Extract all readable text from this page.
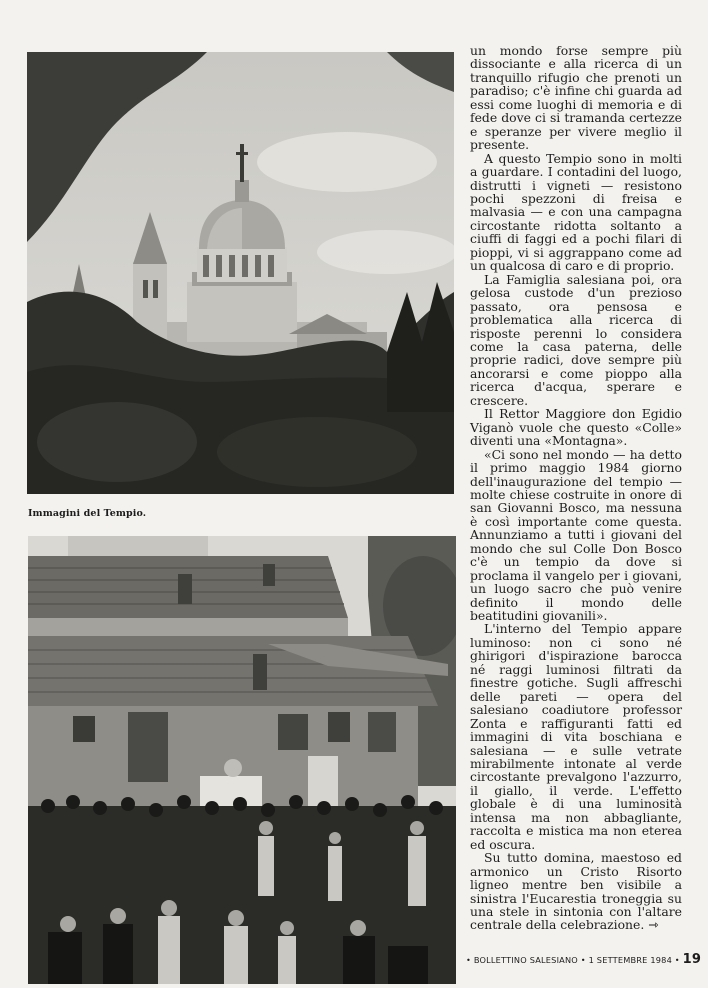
Immagini del Tempio.

un mondo forse sempre più dissociante e alla ricerca di un tranquillo rifugio che prenoti un paradiso; c'è infine chi guarda ad essi come luoghi di memoria e di fede dove ci si tramanda certezze e speranze per vivere meglio il presente.

A questo Tempio sono in molti a guardare. I contadini del luogo, distrutti i vigneti — resistono pochi spezzoni di freisa e malvasia — e con una campagna circostante ridotta soltanto a ciuffi di faggi ed a pochi filari di pioppi, vi si aggrappano come ad un qualcosa di caro e di proprio.

La Famiglia salesiana poi, ora gelosa custode d'un prezioso passato, ora pensosa e problematica alla ricerca di risposte perenni lo considera come la casa paterna, delle proprie radici, dove sempre più ancorarsi e come pioppo alla ricerca d'acqua, sperare e crescere.

Il Rettor Maggiore don Egidio Viganò vuole che questo «Colle» diventi una «Montagna».

«Ci sono nel mondo — ha detto il primo maggio 1984 giorno dell'inaugurazione del tempio — molte chiese costruite in onore di san Giovanni Bosco, ma nessuna è così importante come questa. Annunziamo a tutti i giovani del mondo che sul Colle Don Bosco c'è un tempio da dove si proclama il vangelo per i giovani, un luogo sacro che può venire definito il mondo delle beatitudini giovanili».

L'interno del Tempio appare luminoso: non ci sono né ghirigori d'ispirazione barocca né raggi luminosi filtrati da finestre gotiche. Sugli affreschi delle pareti — opera del salesiano coadiutore professor Zonta e raffiguranti fatti ed immagini di vita boschiana e salesiana — e sulle vetrate mirabilmente intonate al verde circostante prevalgono l'azzurro, il giallo, il verde. L'effetto globale è di una luminosità intensa ma non abbagliante, raccolta e mistica ma non eterea ed oscura.

Su tutto domina, maestoso ed armonico un Cristo Risorto ligneo mentre ben visibile a sinistra l'Eucarestia troneggia su una stele in sintonia con l'altare centrale della celebrazione. ⇾

• BOLLETTINO SALESIANO • 1 SETTEMBRE 1984 • 19
